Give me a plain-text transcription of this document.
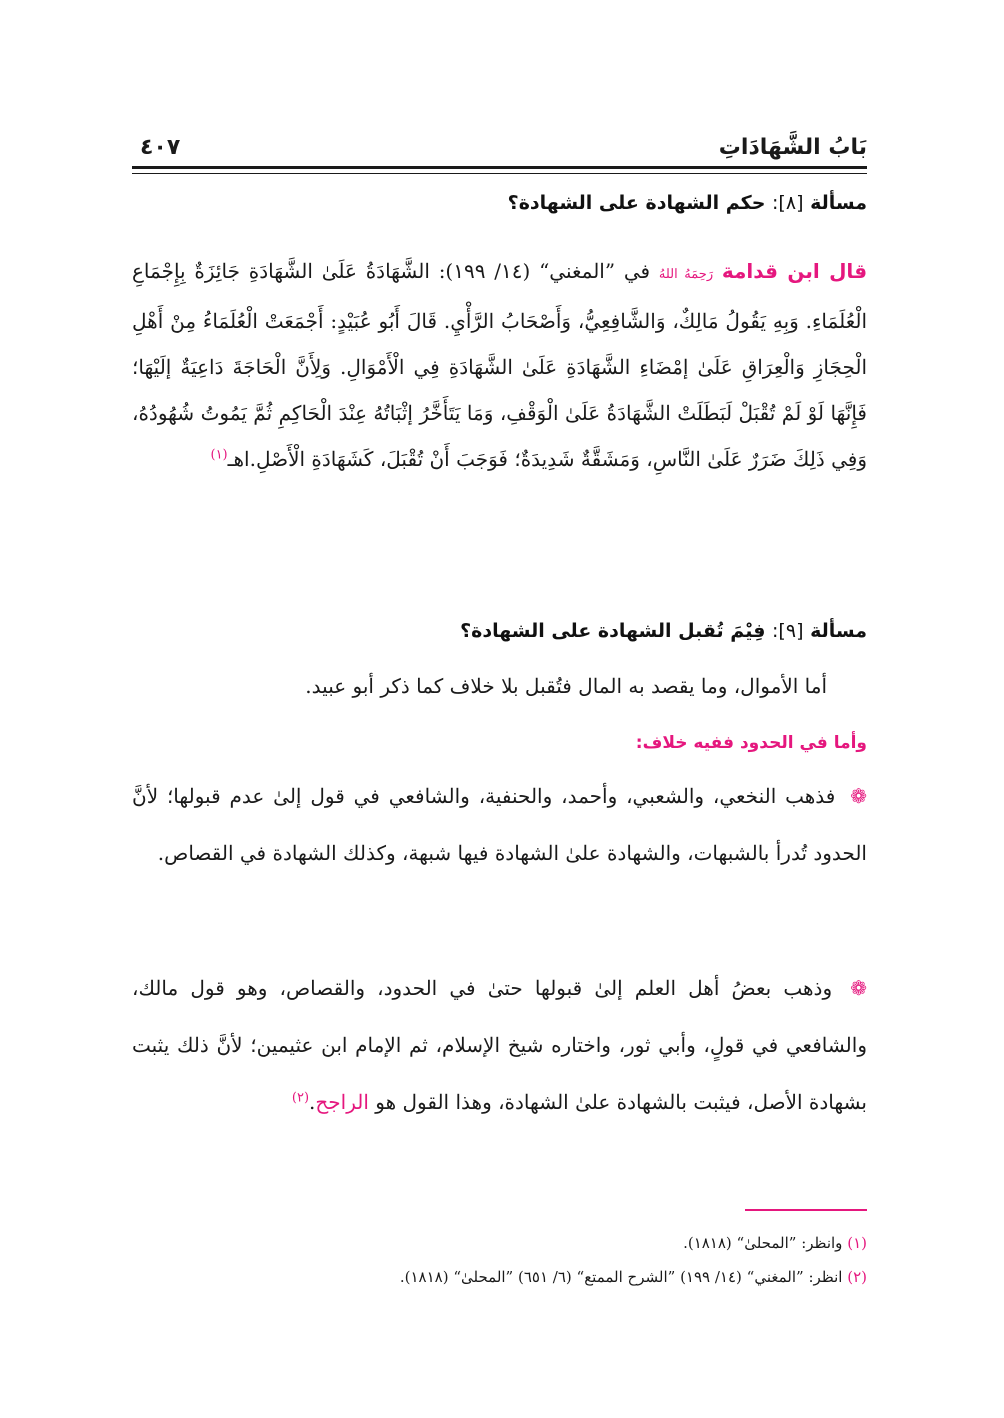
بَابُ الشَّهَادَاتِ
٤٠٧
مسألة [٨]: حكم الشهادة على الشهادة؟
قال ابن قدامة رَحِمَهُ اللهُ في ”المغني“ (١٤/ ١٩٩): الشَّهَادَةُ عَلَىٰ الشَّهَادَةِ جَائِزَةٌ بِإِجْمَاعِ الْعُلَمَاءِ. وَبِهِ يَقُولُ مَالِكٌ، وَالشَّافِعِيُّ، وَأَصْحَابُ الرَّأْيِ. قَالَ أَبُو عُبَيْدٍ: أَجْمَعَتْ الْعُلَمَاءُ مِنْ أَهْلِ الْحِجَازِ وَالْعِرَاقِ عَلَىٰ إمْضَاءِ الشَّهَادَةِ عَلَىٰ الشَّهَادَةِ فِي الْأَمْوَالِ. وَلِأَنَّ الْحَاجَةَ دَاعِيَةٌ إلَيْهَا؛ فَإِنَّهَا لَوْ لَمْ تُقْبَلْ لَبَطَلَتْ الشَّهَادَةُ عَلَىٰ الْوَقْفِ، وَمَا يَتَأَخَّرُ إثْبَاتُهُ عِنْدَ الْحَاكِمِ ثُمَّ يَمُوتُ شُهُودُهُ، وَفِي ذَلِكَ ضَرَرٌ عَلَىٰ النَّاسِ، وَمَشَقَّةٌ شَدِيدَةٌ؛ فَوَجَبَ أَنْ تُقْبَلَ، كَشَهَادَةِ الْأَصْلِ.اهـ$^{(١)}$
مسألة [٩]: فِيْمَ تُقبل الشهادة على الشهادة؟
أما الأموال، وما يقصد به المال فتُقبل بلا خلاف كما ذكر أبو عبيد.
وأما في الحدود ففيه خلاف:
❁ فذهب النخعي، والشعبي، وأحمد، والحنفية، والشافعي في قول إلىٰ عدم قبولها؛ لأنَّ الحدود تُدرأ بالشبهات، والشهادة علىٰ الشهادة فيها شبهة، وكذلك الشهادة في القصاص.
❁ وذهب بعضُ أهل العلم إلىٰ قبولها حتىٰ في الحدود، والقصاص، وهو قول مالك، والشافعي في قولٍ، وأبي ثور، واختاره شيخ الإسلام، ثم الإمام ابن عثيمين؛ لأنَّ ذلك يثبت بشهادة الأصل، فيثبت بالشهادة علىٰ الشهادة، وهذا القول هو الراجح.$^{(٢)}$
(١) وانظر: ”المحلىٰ“ (١٨١٨).
(٢) انظر: ”المغني“ (١٤/ ١٩٩) ”الشرح الممتع“ (٦/ ٦٥١) ”المحلىٰ“ (١٨١٨).
